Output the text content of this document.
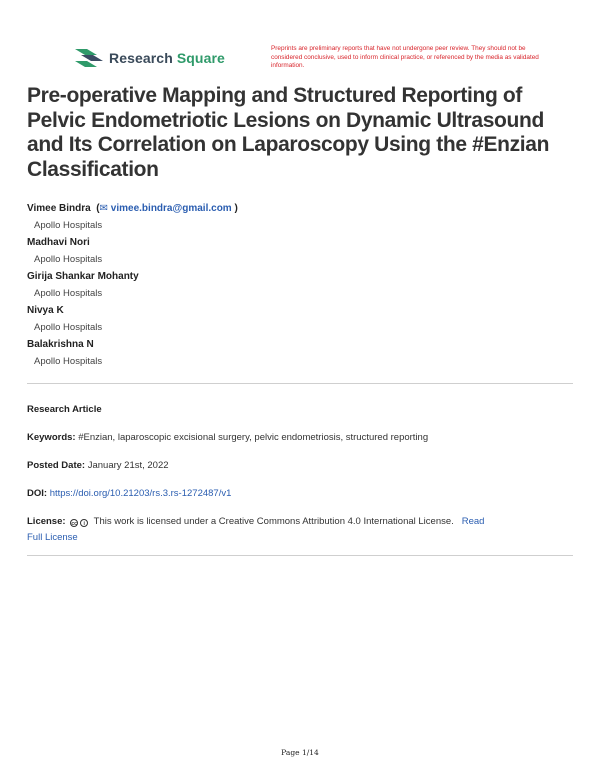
Research Square
Preprints are preliminary reports that have not undergone peer review. They should not be considered conclusive, used to inform clinical practice, or referenced by the media as validated information.
Pre-operative Mapping and Structured Reporting of Pelvic Endometriotic Lesions on Dynamic Ultrasound and Its Correlation on Laparoscopy Using the #Enzian Classification
Vimee Bindra  (✉ vimee.bindra@gmail.com )
Apollo Hospitals
Madhavi Nori
Apollo Hospitals
Girija Shankar Mohanty
Apollo Hospitals
Nivya K
Apollo Hospitals
Balakrishna N
Apollo Hospitals
Research Article
Keywords: #Enzian, laparoscopic excisional surgery, pelvic endometriosis, structured reporting
Posted Date: January 21st, 2022
DOI: https://doi.org/10.21203/rs.3.rs-1272487/v1
License: cc	i This work is licensed under a Creative Commons Attribution 4.0 International License. Read
Full License
Page 1/14
